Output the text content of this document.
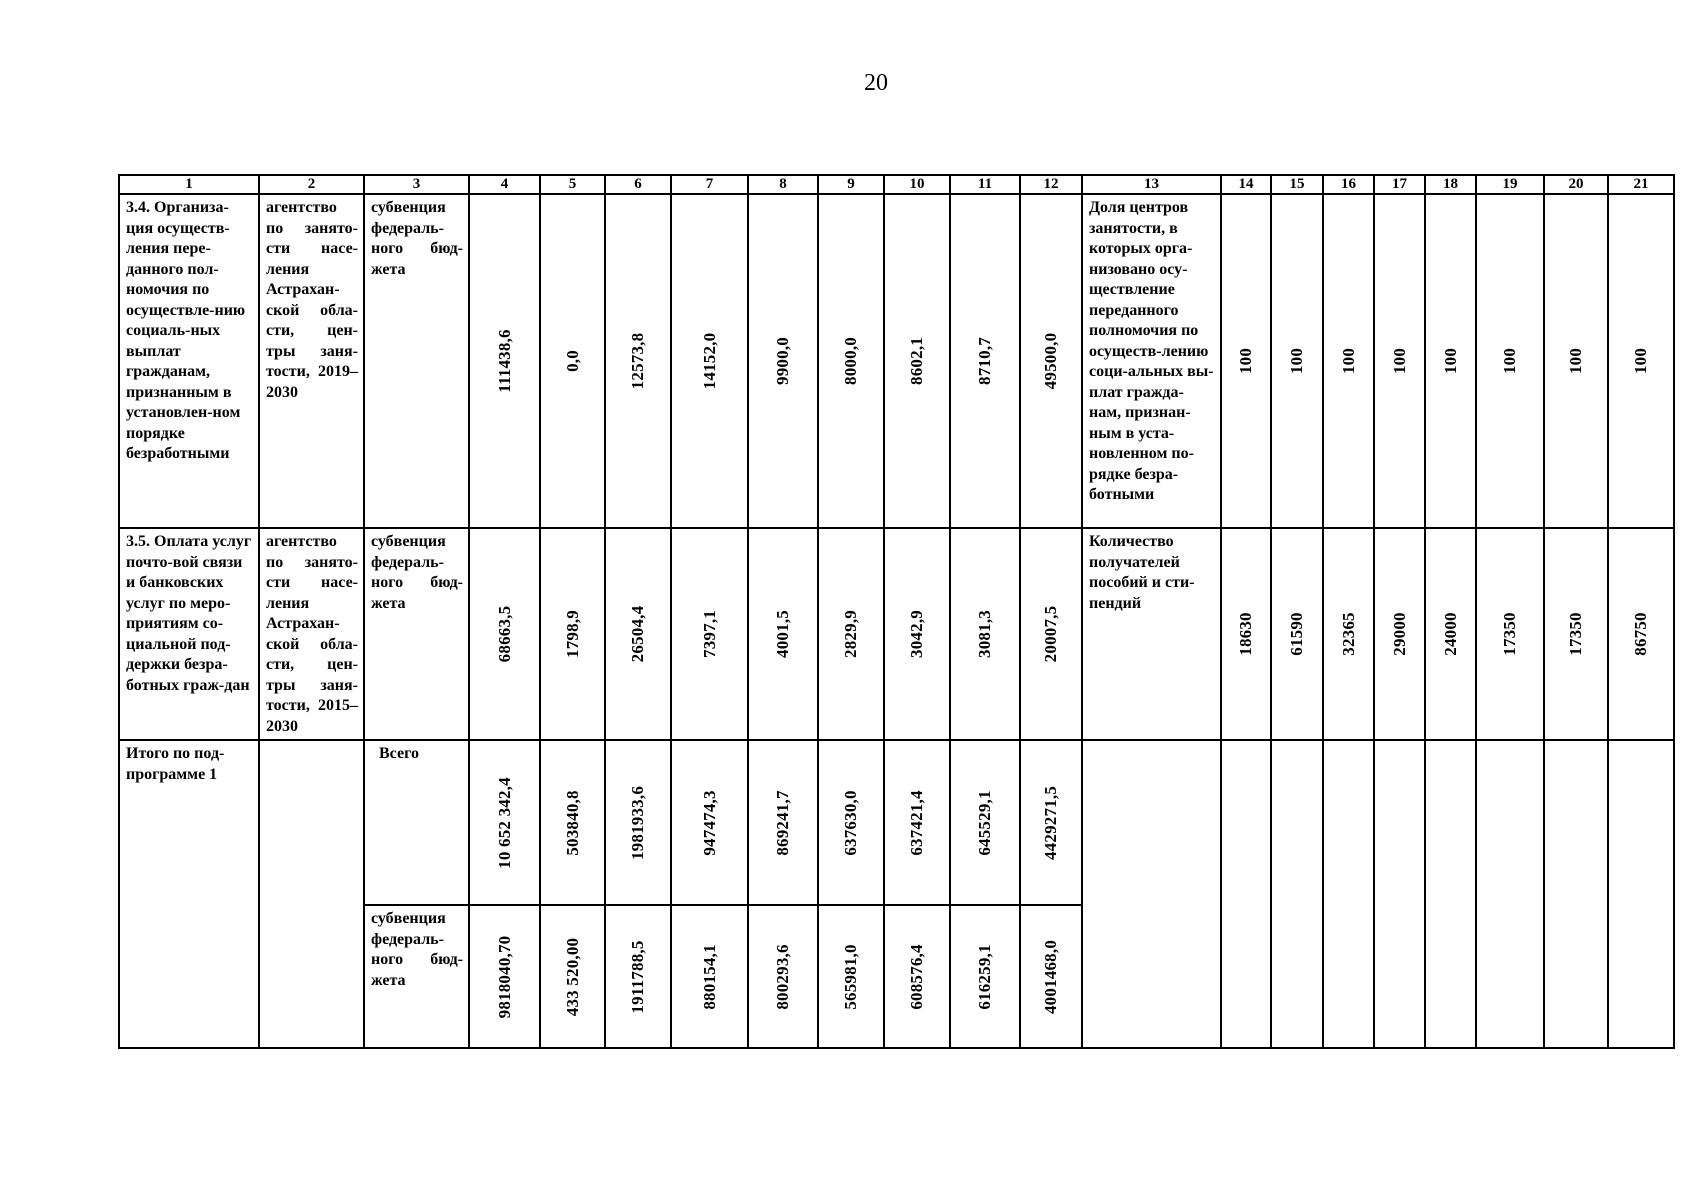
20
1	2	3	4	5	6	7	8	9	10	11	12	13	14	15	16	17	18	19	20	21

3.4. Организа-ция осуществ-ления пере-данного пол-номочия по осуществле-нию социаль-ных выплат гражданам, признанным в установлен-ном порядке безработными	агентство по занято-сти насе-ления Астрахан-ской обла-сти, цен-тры заня-тости, 2019–2030	субвенция федераль-ного бюд-жета	111438,6	0,0	12573,8	14152,0	9900,0	8000,0	8602,1	8710,7	49500,0	Доля центров занятости, в которых орга-низовано осу-ществление переданного полномочия по осуществ-лению соци-альных вы-плат гражда-нам, признан-ным в уста-новленном по-рядке безра-ботными	100	100	100	100	100	100	100	100

3.5. Оплата услуг почто-вой связи и банковских услуг по меро-приятиям со-циальной под-держки безра-ботных граж-дан	агентство по занято-сти насе-ления Астрахан-ской обла-сти, цен-тры заня-тости, 2015–2030	субвенция федераль-ного бюд-жета	68663,5	1798,9	26504,4	7397,1	4001,5	2829,9	3042,9	3081,3	20007,5	Количество получателей пособий и сти-пендий	18630	61590	32365	29000	24000	17350	17350	86750

Итого по под-программе 1		Всего	10 652 342,4	503840,8	1981933,6	947474,3	869241,7	637630,0	637421,4	645529,1	4429271,5									

		субвенция федераль-ного бюд-жета	9818040,70	433 520,00	1911788,5	880154,1	800293,6	565981,0	608576,4	616259,1	4001468,0									
